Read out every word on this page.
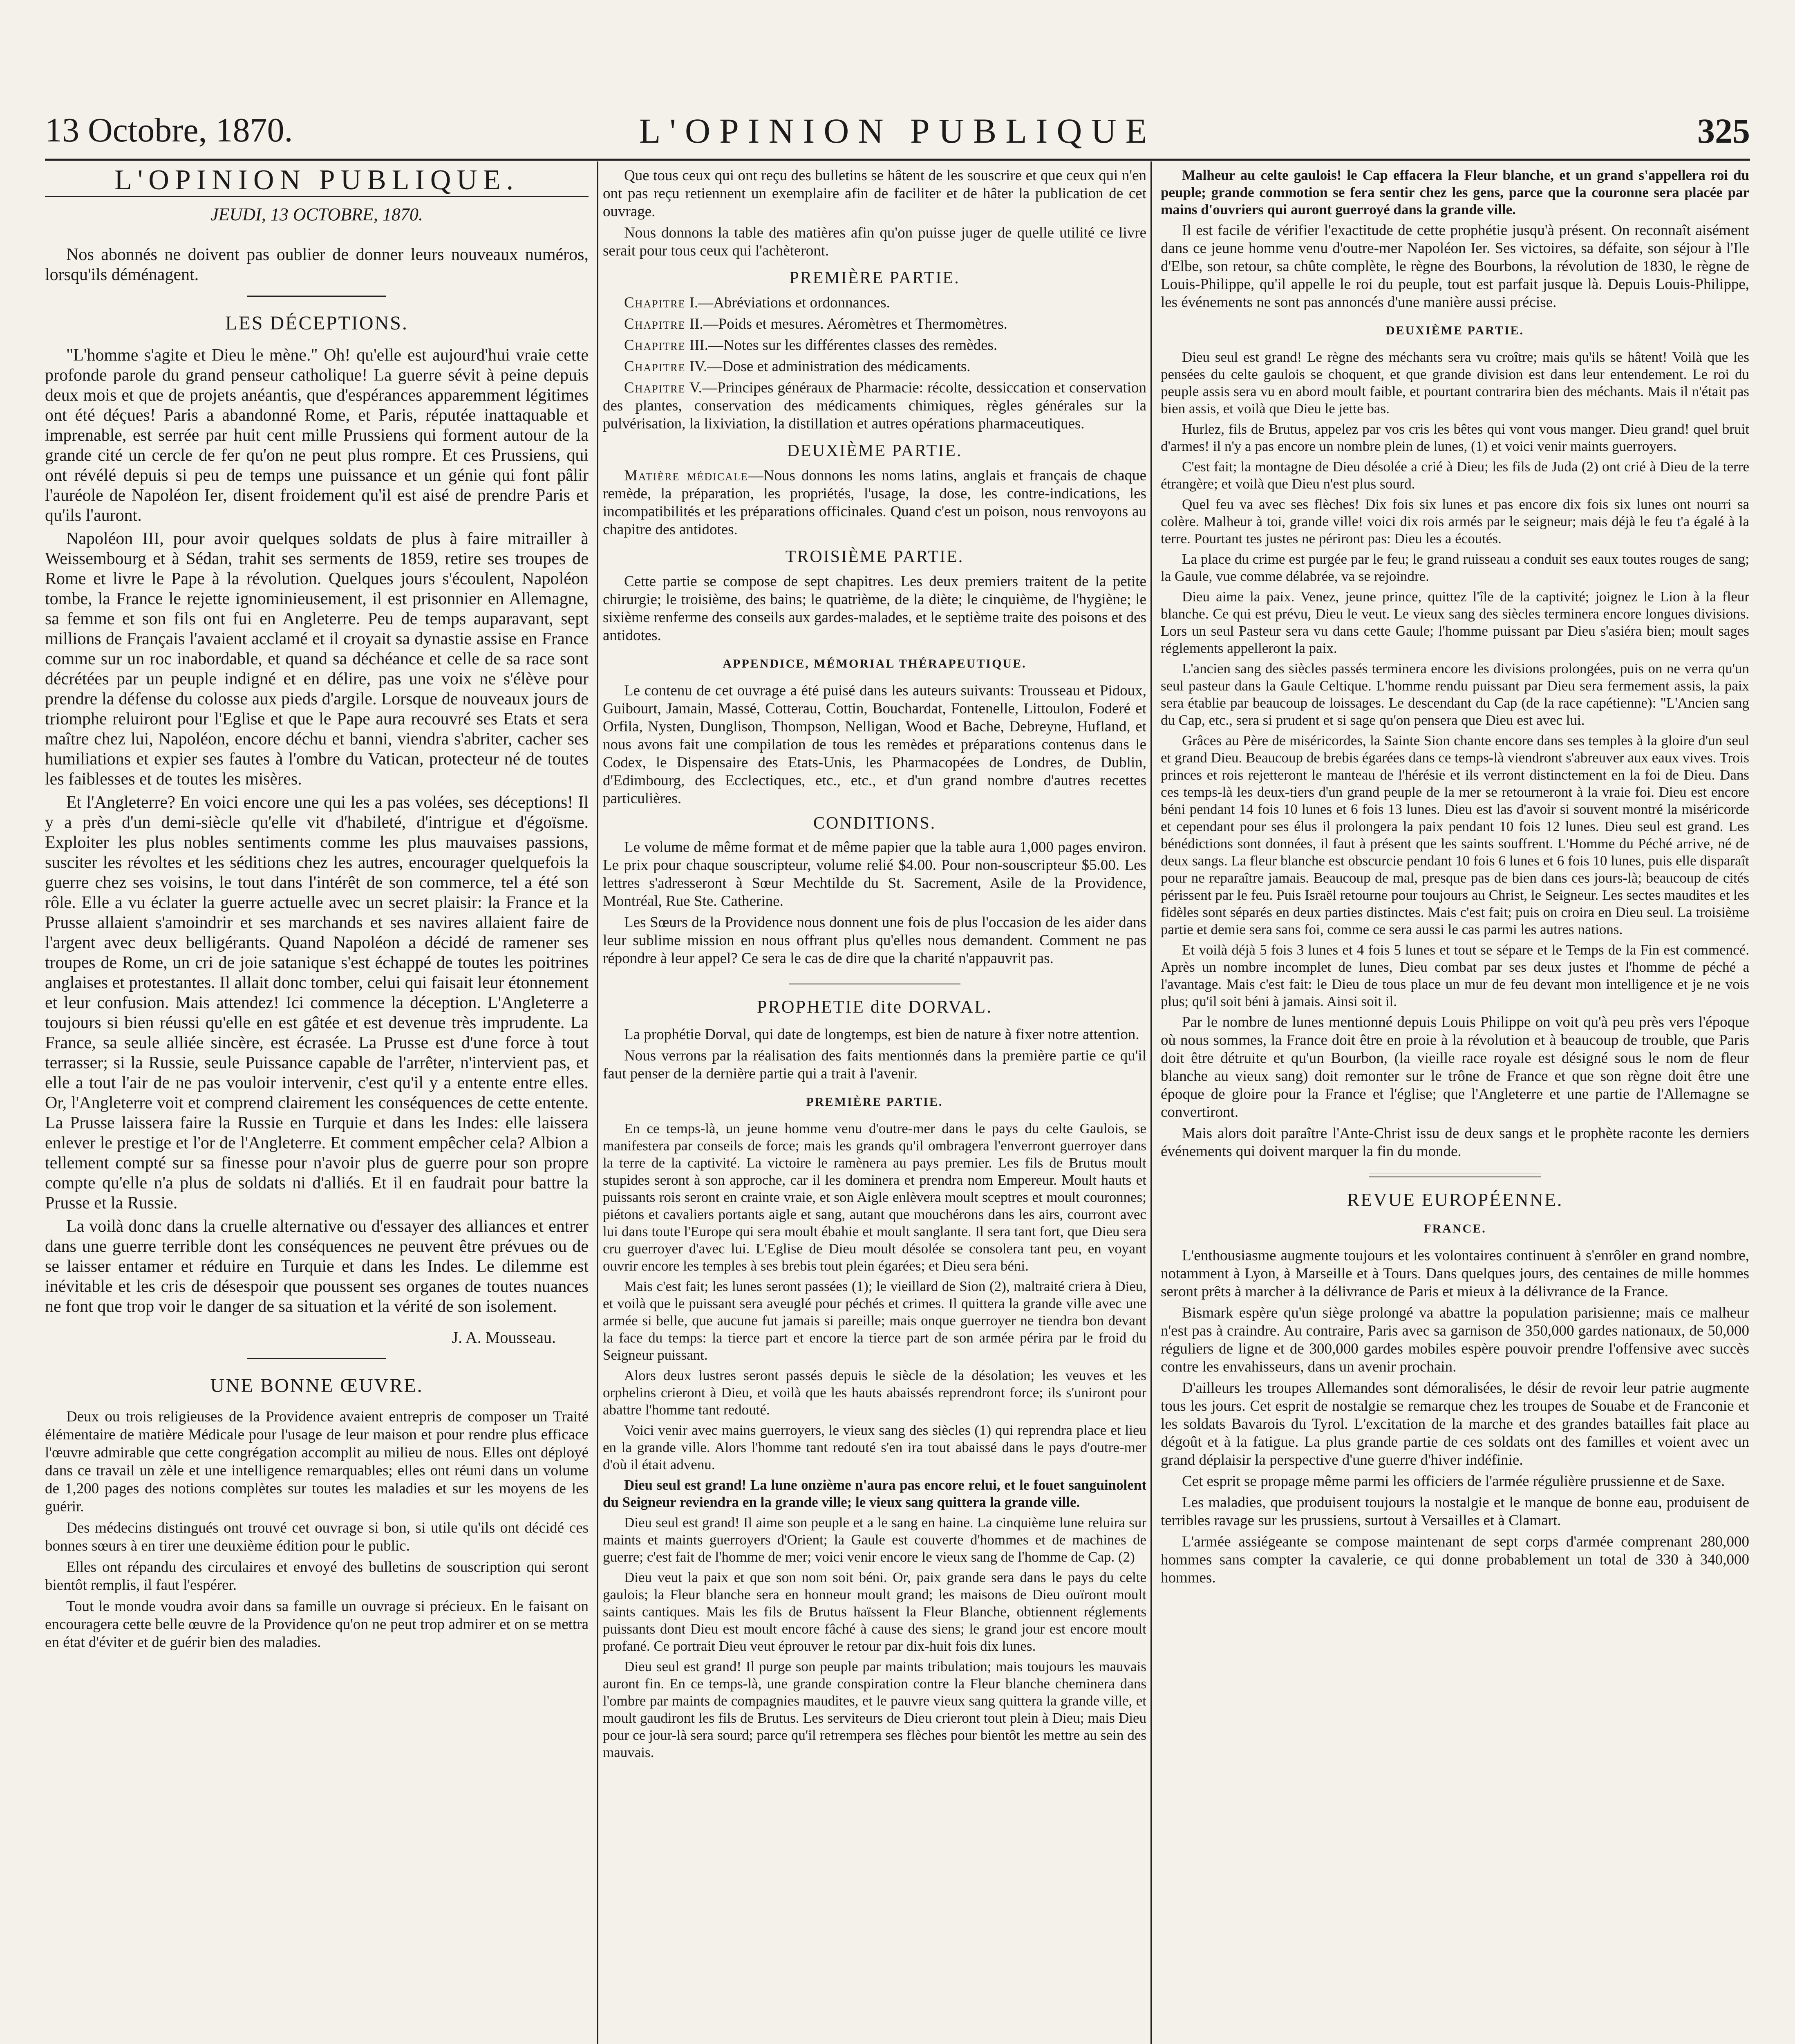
13 Octobre, 1870.	L'OPINION PUBLIQUE	325
L'OPINION PUBLIQUE.
JEUDI, 13 OCTOBRE, 1870.

Nos abonnés ne doivent pas oublier de donner leurs nouveaux numéros, lorsqu'ils déménagent.

LES DÉCEPTIONS.

"L'homme s'agite et Dieu le mène." Oh! qu'elle est aujourd'hui vraie cette profonde parole du grand penseur catholique! La guerre sévit à peine depuis deux mois et que de projets anéantis, que d'espérances apparemment légitimes ont été déçues! Paris a abandonné Rome, et Paris, réputée inattaquable et imprenable, est serrée par huit cent mille Prussiens qui forment autour de la grande cité un cercle de fer qu'on ne peut plus rompre. Et ces Prussiens, qui ont révélé depuis si peu de temps une puissance et un génie qui font pâlir l'auréole de Napoléon Ier, disent froidement qu'il est aisé de prendre Paris et qu'ils l'auront.

Napoléon III, pour avoir quelques soldats de plus à faire mitrailler à Weissembourg et à Sédan, trahit ses serments de 1859, retire ses troupes de Rome et livre le Pape à la révolution. Quelques jours s'écoulent, Napoléon tombe, la France le rejette ignominieusement, il est prisonnier en Allemagne, sa femme et son fils ont fui en Angleterre. Peu de temps auparavant, sept millions de Français l'avaient acclamé et il croyait sa dynastie assise en France comme sur un roc inabordable, et quand sa déchéance et celle de sa race sont décrétées par un peuple indigné et en délire, pas une voix ne s'élève pour prendre la défense du colosse aux pieds d'argile. Lorsque de nouveaux jours de triomphe reluiront pour l'Eglise et que le Pape aura recouvré ses Etats et sera maître chez lui, Napoléon, encore déchu et banni, viendra s'abriter, cacher ses humiliations et expier ses fautes à l'ombre du Vatican, protecteur né de toutes les faiblesses et de toutes les misères.

Et l'Angleterre? En voici encore une qui les a pas volées, ses déceptions! Il y a près d'un demi-siècle qu'elle vit d'habileté, d'intrigue et d'égoïsme. Exploiter les plus nobles sentiments comme les plus mauvaises passions, susciter les révoltes et les séditions chez les autres, encourager quelquefois la guerre chez ses voisins, le tout dans l'intérêt de son commerce, tel a été son rôle. Elle a vu éclater la guerre actuelle avec un secret plaisir: la France et la Prusse allaient s'amoindrir et ses marchands et ses navires allaient faire de l'argent avec deux belligérants. Quand Napoléon a décidé de ramener ses troupes de Rome, un cri de joie satanique s'est échappé de toutes les poitrines anglaises et protestantes. Il allait donc tomber, celui qui faisait leur étonnement et leur confusion. Mais attendez! Ici commence la déception. L'Angleterre a toujours si bien réussi qu'elle en est gâtée et est devenue très imprudente. La France, sa seule alliée sincère, est écrasée. La Prusse est d'une force à tout terrasser; si la Russie, seule Puissance capable de l'arrêter, n'intervient pas, et elle a tout l'air de ne pas vouloir intervenir, c'est qu'il y a entente entre elles. Or, l'Angleterre voit et comprend clairement les conséquences de cette entente. La Prusse laissera faire la Russie en Turquie et dans les Indes: elle laissera enlever le prestige et l'or de l'Angleterre. Et comment empêcher cela? Albion a tellement compté sur sa finesse pour n'avoir plus de guerre pour son propre compte qu'elle n'a plus de soldats ni d'alliés. Et il en faudrait pour battre la Prusse et la Russie.

La voilà donc dans la cruelle alternative ou d'essayer des alliances et entrer dans une guerre terrible dont les conséquences ne peuvent être prévues ou de se laisser entamer et réduire en Turquie et dans les Indes. Le dilemme est inévitable et les cris de désespoir que poussent ses organes de toutes nuances ne font que trop voir le danger de sa situation et la vérité de son isolement.

J. A. Mousseau.
UNE BONNE ŒUVRE.

Deux ou trois religieuses de la Providence avaient entrepris de composer un Traité élémentaire de matière Médicale pour l'usage de leur maison et pour rendre plus efficace l'œuvre admirable que cette congrégation accomplit au milieu de nous. Elles ont déployé dans ce travail un zèle et une intelligence remarquables; elles ont réuni dans un volume de 1,200 pages des notions complètes sur toutes les maladies et sur les moyens de les guérir.

Des médecins distingués ont trouvé cet ouvrage si bon, si utile qu'ils ont décidé ces bonnes sœurs à en tirer une deuxième édition pour le public.

Elles ont répandu des circulaires et envoyé des bulletins de souscription qui seront bientôt remplis, il faut l'espérer.

Tout le monde voudra avoir dans sa famille un ouvrage si précieux. En le faisant on encouragera cette belle œuvre de la Providence qu'on ne peut trop admirer et on se mettra en état d'éviter et de guérir bien des maladies.

Que tous ceux qui ont reçu des bulletins se hâtent de les souscrire et que ceux qui n'en ont pas reçu retiennent un exemplaire afin de faciliter et de hâter la publication de cet ouvrage.

Nous donnons la table des matières afin qu'on puisse juger de quelle utilité ce livre serait pour tous ceux qui l'achèteront.

PREMIÈRE PARTIE.

Chapitre I.—Abréviations et ordonnances.

Chapitre II.—Poids et mesures. Aéromètres et Thermomètres.

Chapitre III.—Notes sur les différentes classes des remèdes.

Chapitre IV.—Dose et administration des médicaments.

Chapitre V.—Principes généraux de Pharmacie: récolte, dessiccation et conservation des plantes, conservation des médicaments chimiques, règles générales sur la pulvérisation, la lixiviation, la distillation et autres opérations pharmaceutiques.

DEUXIÈME PARTIE.

Matière médicale—Nous donnons les noms latins, anglais et français de chaque remède, la préparation, les propriétés, l'usage, la dose, les contre-indications, les incompatibilités et les préparations officinales. Quand c'est un poison, nous renvoyons au chapitre des antidotes.

TROISIÈME PARTIE.

Cette partie se compose de sept chapitres. Les deux premiers traitent de la petite chirurgie; le troisième, des bains; le quatrième, de la diète; le cinquième, de l'hygiène; le sixième renferme des conseils aux gardes-malades, et le septième traite des poisons et des antidotes.

APPENDICE, MÉMORIAL THÉRAPEUTIQUE.

Le contenu de cet ouvrage a été puisé dans les auteurs suivants: Trousseau et Pidoux, Guibourt, Jamain, Massé, Cotterau, Cottin, Bouchardat, Fontenelle, Littoulon, Foderé et Orfila, Nysten, Dunglison, Thompson, Nelligan, Wood et Bache, Debreyne, Hufland, et nous avons fait une compilation de tous les remèdes et préparations contenus dans le Codex, le Dispensaire des Etats-Unis, les Pharmacopées de Londres, de Dublin, d'Edimbourg, des Ecclectiques, etc., etc., et d'un grand nombre d'autres recettes particulières.

CONDITIONS.

Le volume de même format et de même papier que la table aura 1,000 pages environ. Le prix pour chaque souscripteur, volume relié $4.00. Pour non-souscripteur $5.00. Les lettres s'adresseront à Sœur Mechtilde du St. Sacrement, Asile de la Providence, Montréal, Rue Ste. Catherine.

Les Sœurs de la Providence nous donnent une fois de plus l'occasion de les aider dans leur sublime mission en nous offrant plus qu'elles nous demandent. Comment ne pas répondre à leur appel? Ce sera le cas de dire que la charité n'appauvrit pas.

PROPHETIE dite DORVAL.

La prophétie Dorval, qui date de longtemps, est bien de nature à fixer notre attention.

Nous verrons par la réalisation des faits mentionnés dans la première partie ce qu'il faut penser de la dernière partie qui a trait à l'avenir.

PREMIÈRE PARTIE.

En ce temps-là, un jeune homme venu d'outre-mer dans le pays du celte Gaulois, se manifestera par conseils de force; mais les grands qu'il ombragera l'enverront guerroyer dans la terre de la captivité. La victoire le ramènera au pays premier. Les fils de Brutus moult stupides seront à son approche, car il les dominera et prendra nom Empereur. Moult hauts et puissants rois seront en crainte vraie, et son Aigle enlèvera moult sceptres et moult couronnes; piétons et cavaliers portants aigle et sang, autant que mouchérons dans les airs, courront avec lui dans toute l'Europe qui sera moult ébahie et moult sanglante. Il sera tant fort, que Dieu sera cru guerroyer d'avec lui. L'Eglise de Dieu moult désolée se consolera tant peu, en voyant ouvrir encore les temples à ses brebis tout plein égarées; et Dieu sera béni.

Mais c'est fait; les lunes seront passées (1); le vieillard de Sion (2), maltraité criera à Dieu, et voilà que le puissant sera aveuglé pour péchés et crimes. Il quittera la grande ville avec une armée si belle, que aucune fut jamais si pareille; mais onque guerroyer ne tiendra bon devant la face du temps: la tierce part et encore la tierce part de son armée périra par le froid du Seigneur puissant.

Alors deux lustres seront passés depuis le siècle de la désolation; les veuves et les orphelins crieront à Dieu, et voilà que les hauts abaissés reprendront force; ils s'uniront pour abattre l'homme tant redouté.

Voici venir avec mains guerroyers, le vieux sang des siècles (1) qui reprendra place et lieu en la grande ville. Alors l'homme tant redouté s'en ira tout abaissé dans le pays d'outre-mer d'où il était advenu.

Dieu seul est grand! La lune onzième n'aura pas encore relui, et le fouet sanguinolent du Seigneur reviendra en la grande ville; le vieux sang quittera la grande ville.

Dieu seul est grand! Il aime son peuple et a le sang en haine. La cinquième lune reluira sur maints et maints guerroyers d'Orient; la Gaule est couverte d'hommes et de machines de guerre; c'est fait de l'homme de mer; voici venir encore le vieux sang de l'homme de Cap. (2)

Dieu veut la paix et que son nom soit béni. Or, paix grande sera dans le pays du celte gaulois; la Fleur blanche sera en honneur moult grand; les maisons de Dieu ouïront moult saints cantiques. Mais les fils de Brutus haïssent la Fleur Blanche, obtiennent réglements puissants dont Dieu est moult encore fâché à cause des siens; le grand jour est encore moult profané. Ce portrait Dieu veut éprouver le retour par dix-huit fois dix lunes.

Dieu seul est grand! Il purge son peuple par maints tribulation; mais toujours les mauvais auront fin. En ce temps-là, une grande conspiration contre la Fleur blanche cheminera dans l'ombre par maints de compagnies maudites, et le pauvre vieux sang quittera la grande ville, et moult gaudiront les fils de Brutus. Les serviteurs de Dieu crieront tout plein à Dieu; mais Dieu pour ce jour-là sera sourd; parce qu'il retrempera ses flèches pour bientôt les mettre au sein des mauvais.

Malheur au celte gaulois! le Cap effacera la Fleur blanche, et un grand s'appellera roi du peuple; grande commotion se fera sentir chez les gens, parce que la couronne sera placée par mains d'ouvriers qui auront guerroyé dans la grande ville.

Il est facile de vérifier l'exactitude de cette prophétie jusqu'à présent. On reconnaît aisément dans ce jeune homme venu d'outre-mer Napoléon Ier. Ses victoires, sa défaite, son séjour à l'Ile d'Elbe, son retour, sa chûte complète, le règne des Bourbons, la révolution de 1830, le règne de Louis-Philippe, qu'il appelle le roi du peuple, tout est parfait jusque là. Depuis Louis-Philippe, les événements ne sont pas annoncés d'une manière aussi précise.

DEUXIÈME PARTIE.

Dieu seul est grand! Le règne des méchants sera vu croître; mais qu'ils se hâtent! Voilà que les pensées du celte gaulois se choquent, et que grande division est dans leur entendement. Le roi du peuple assis sera vu en abord moult faible, et pourtant contrarira bien des méchants. Mais il n'était pas bien assis, et voilà que Dieu le jette bas.

Hurlez, fils de Brutus, appelez par vos cris les bêtes qui vont vous manger. Dieu grand! quel bruit d'armes! il n'y a pas encore un nombre plein de lunes, (1) et voici venir maints guerroyers.

C'est fait; la montagne de Dieu désolée a crié à Dieu; les fils de Juda (2) ont crié à Dieu de la terre étrangère; et voilà que Dieu n'est plus sourd.

Quel feu va avec ses flèches! Dix fois six lunes et pas encore dix fois six lunes ont nourri sa colère. Malheur à toi, grande ville! voici dix rois armés par le seigneur; mais déjà le feu t'a égalé à la terre. Pourtant tes justes ne périront pas: Dieu les a écoutés.

La place du crime est purgée par le feu; le grand ruisseau a conduit ses eaux toutes rouges de sang; la Gaule, vue comme délabrée, va se rejoindre.

Dieu aime la paix. Venez, jeune prince, quittez l'île de la captivité; joignez le Lion à la fleur blanche. Ce qui est prévu, Dieu le veut. Le vieux sang des siècles terminera encore longues divisions. Lors un seul Pasteur sera vu dans cette Gaule; l'homme puissant par Dieu s'asiéra bien; moult sages réglements appelleront la paix.

L'ancien sang des siècles passés terminera encore les divisions prolongées, puis on ne verra qu'un seul pasteur dans la Gaule Celtique. L'homme rendu puissant par Dieu sera fermement assis, la paix sera établie par beaucoup de loissages. Le descendant du Cap (de la race capétienne): "L'Ancien sang du Cap, etc., sera si prudent et si sage qu'on pensera que Dieu est avec lui.

Grâces au Père de miséricordes, la Sainte Sion chante encore dans ses temples à la gloire d'un seul et grand Dieu. Beaucoup de brebis égarées dans ce temps-là viendront s'abreuver aux eaux vives. Trois princes et rois rejetteront le manteau de l'hérésie et ils verront distinctement en la foi de Dieu. Dans ces temps-là les deux-tiers d'un grand peuple de la mer se retourneront à la vraie foi. Dieu est encore béni pendant 14 fois 10 lunes et 6 fois 13 lunes. Dieu est las d'avoir si souvent montré la miséricorde et cependant pour ses élus il prolongera la paix pendant 10 fois 12 lunes. Dieu seul est grand. Les bénédictions sont données, il faut à présent que les saints souffrent. L'Homme du Péché arrive, né de deux sangs. La fleur blanche est obscurcie pendant 10 fois 6 lunes et 6 fois 10 lunes, puis elle disparaît pour ne reparaître jamais. Beaucoup de mal, presque pas de bien dans ces jours-là; beaucoup de cités périssent par le feu. Puis Israël retourne pour toujours au Christ, le Seigneur. Les sectes maudites et les fidèles sont séparés en deux parties distinctes. Mais c'est fait; puis on croira en Dieu seul. La troisième partie et demie sera sans foi, comme ce sera aussi le cas parmi les autres nations.

Et voilà déjà 5 fois 3 lunes et 4 fois 5 lunes et tout se sépare et le Temps de la Fin est commencé. Après un nombre incomplet de lunes, Dieu combat par ses deux justes et l'homme de péché a l'avantage. Mais c'est fait: le Dieu de tous place un mur de feu devant mon intelligence et je ne vois plus; qu'il soit béni à jamais. Ainsi soit il.

Par le nombre de lunes mentionné depuis Louis Philippe on voit qu'à peu près vers l'époque où nous sommes, la France doit être en proie à la révolution et à beaucoup de trouble, que Paris doit être détruite et qu'un Bourbon, (la vieille race royale est désigné sous le nom de fleur blanche au vieux sang) doit remonter sur le trône de France et que son règne doit être une époque de gloire pour la France et l'église; que l'Angleterre et une partie de l'Allemagne se convertiront.

Mais alors doit paraître l'Ante-Christ issu de deux sangs et le prophète raconte les derniers événements qui doivent marquer la fin du monde.

REVUE EUROPÉENNE.
FRANCE.

L'enthousiasme augmente toujours et les volontaires continuent à s'enrôler en grand nombre, notamment à Lyon, à Marseille et à Tours. Dans quelques jours, des centaines de mille hommes seront prêts à marcher à la délivrance de Paris et mieux à la délivrance de la France.

Bismark espère qu'un siège prolongé va abattre la population parisienne; mais ce malheur n'est pas à craindre. Au contraire, Paris avec sa garnison de 350,000 gardes nationaux, de 50,000 réguliers de ligne et de 300,000 gardes mobiles espère pouvoir prendre l'offensive avec succès contre les envahisseurs, dans un avenir prochain.

D'ailleurs les troupes Allemandes sont démoralisées, le désir de revoir leur patrie augmente tous les jours. Cet esprit de nostalgie se remarque chez les troupes de Souabe et de Franconie et les soldats Bavarois du Tyrol. L'excitation de la marche et des grandes batailles fait place au dégoût et à la fatigue. La plus grande partie de ces soldats ont des familles et voient avec un grand déplaisir la perspective d'une guerre d'hiver indéfinie.

Cet esprit se propage même parmi les officiers de l'armée régulière prussienne et de Saxe.

Les maladies, que produisent toujours la nostalgie et le manque de bonne eau, produisent de terribles ravage sur les prussiens, surtout à Versailles et à Clamart.

L'armée assiégeante se compose maintenant de sept corps d'armée comprenant 280,000 hommes sans compter la cavalerie, ce qui donne probablement un total de 330 à 340,000 hommes.
